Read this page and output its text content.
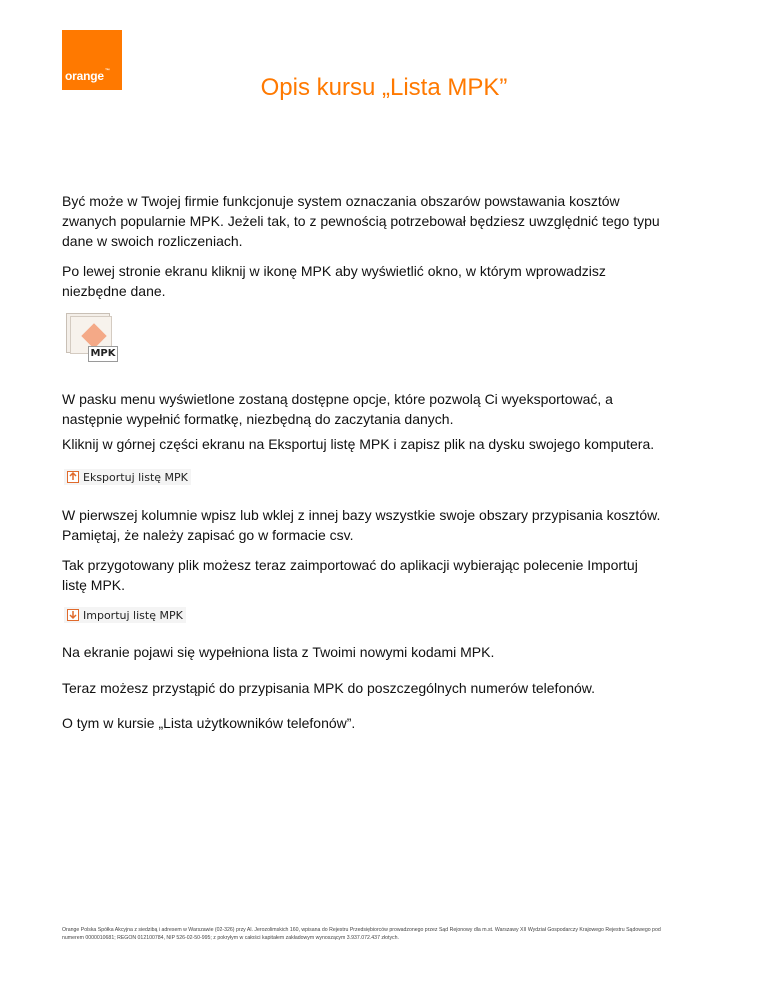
orange™
Opis kursu „Lista MPK”

Być może w Twojej firmie funkcjonuje system oznaczania obszarów powstawania kosztów zwanych popularnie MPK. Jeżeli tak, to z pewnością potrzebował będziesz uwzględnić tego typu dane w swoich rozliczeniach.

Po lewej stronie ekranu kliknij w ikonę MPK aby wyświetlić okno, w którym wprowadzisz niezbędne dane.

MPK

W pasku menu wyświetlone zostaną dostępne opcje, które pozwolą Ci wyeksportować, a następnie wypełnić formatkę, niezbędną do zaczytania danych.

Kliknij w górnej części ekranu na Eksportuj listę MPK i zapisz plik na dysku swojego komputera.

Eksportuj listę MPK

W pierwszej kolumnie wpisz lub wklej z innej bazy wszystkie swoje obszary przypisania kosztów. Pamiętaj, że należy zapisać go w formacie csv.

Tak przygotowany plik możesz teraz zaimportować do aplikacji wybierając polecenie Importuj listę MPK.

Importuj listę MPK

Na ekranie pojawi się wypełniona lista z Twoimi nowymi kodami MPK.

Teraz możesz przystąpić do przypisania MPK do poszczególnych numerów telefonów.

O tym w kursie „Lista użytkowników telefonów”.

Orange Polska Spółka Akcyjna z siedzibą i adresem w Warszawie (02-326) przy Al. Jerozolimskich 160, wpisana do Rejestru Przedsiębiorców prowadzonego przez Sąd Rejonowy dla m.st. Warszawy XII Wydział Gospodarczy Krajowego Rejestru Sądowego pod numerem 0000010681; REGON 012100784, NIP 526-02-50-995; z pokryłym w całości kapitałem zakładowym wynoszącym 3.937.072.437 złotych.
